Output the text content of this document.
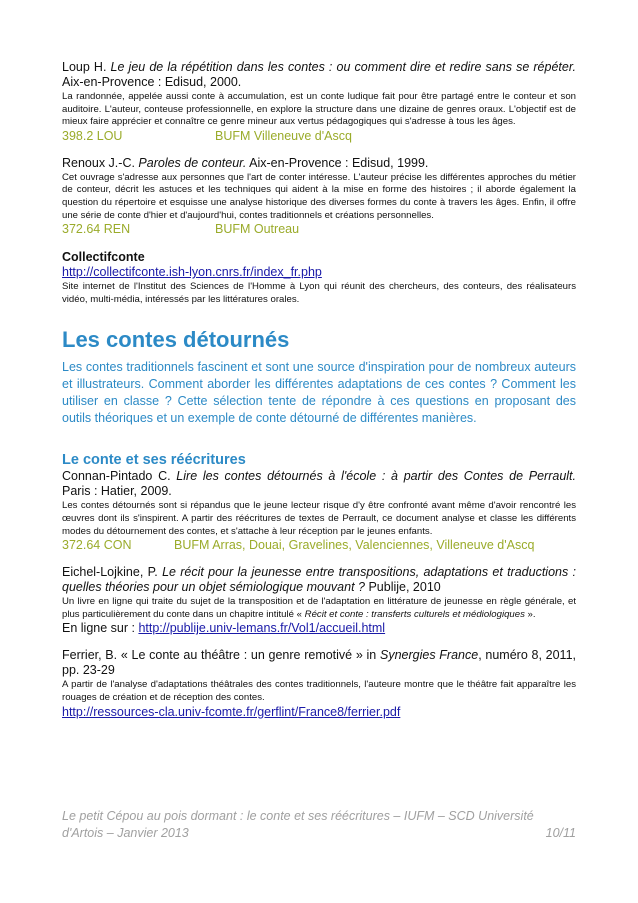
Loup H. Le jeu de la répétition dans les contes : ou comment dire et redire sans se répéter. Aix-en-Provence : Edisud, 2000.

La randonnée, appelée aussi conte à accumulation, est un conte ludique fait pour être partagé entre le conteur et son auditoire. L'auteur, conteuse professionnelle, en explore la structure dans une dizaine de genres oraux. L'objectif est de mieux faire apprécier et connaître ce genre mineur aux vertus pédagogiques qui s'adresse à tous les âges.

398.2 LOU	BUFM Villeneuve d'Ascq

Renoux J.-C. Paroles de conteur. Aix-en-Provence : Edisud, 1999.

Cet ouvrage s'adresse aux personnes que l'art de conter intéresse. L'auteur précise les différentes approches du métier de conteur, décrit les astuces et les techniques qui aident à la mise en forme des histoires ; il aborde également la question du répertoire et esquisse une analyse historique des diverses formes du conte à travers les âges. Enfin, il offre une série de conte d'hier et d'aujourd'hui, contes traditionnels et créations personnelles.

372.64 REN	BUFM Outreau

Collectifconte

http://collectifconte.ish-lyon.cnrs.fr/index_fr.php

Site internet de l'Institut des Sciences de l'Homme à Lyon qui réunit des chercheurs, des conteurs, des réalisateurs vidéo, multi-média, intéressés par les littératures orales.

Les contes détournés

Les contes traditionnels fascinent et sont une source d'inspiration pour de nombreux auteurs et illustrateurs. Comment aborder les différentes adaptations de ces contes ? Comment les utiliser en classe ? Cette sélection tente de répondre à ces questions en proposant des outils théoriques et un exemple de conte détourné de différentes manières.

Le conte et ses réécritures

Connan-Pintado C. Lire les contes détournés à l'école : à partir des Contes de Perrault. Paris : Hatier, 2009.

Les contes détournés sont si répandus que le jeune lecteur risque d'y être confronté avant même d'avoir rencontré les œuvres dont ils s'inspirent. A partir des réécritures de textes de Perrault, ce document analyse et classe les différents modes du détournement des contes, et s'attache à leur réception par le jeunes enfants.

372.64 CON	BUFM Arras, Douai, Gravelines, Valenciennes, Villeneuve d'Ascq

Eichel-Lojkine, P. Le récit pour la jeunesse entre transpositions, adaptations et traductions : quelles théories pour un objet sémiologique mouvant ? Publije, 2010

Un livre en ligne qui traite du sujet de la transposition et de l'adaptation en littérature de jeunesse en règle générale, et plus particulièrement du conte dans un chapitre intitulé « Récit et conte : transferts culturels et médiologiques ».

En ligne sur : http://publije.univ-lemans.fr/Vol1/accueil.html

Ferrier, B. « Le conte au théâtre : un genre remotivé » in Synergies France, numéro 8, 2011, pp. 23-29

A partir de l'analyse d'adaptations théâtrales des contes traditionnels, l'auteure montre que le théâtre fait apparaître les rouages de création et de réception des contes.

http://ressources-cla.univ-fcomte.fr/gerflint/France8/ferrier.pdf

Le petit Cépou au pois dormant : le conte et ses réécritures – IUFM – SCD Université
d'Artois – Janvier 2013	10/11
